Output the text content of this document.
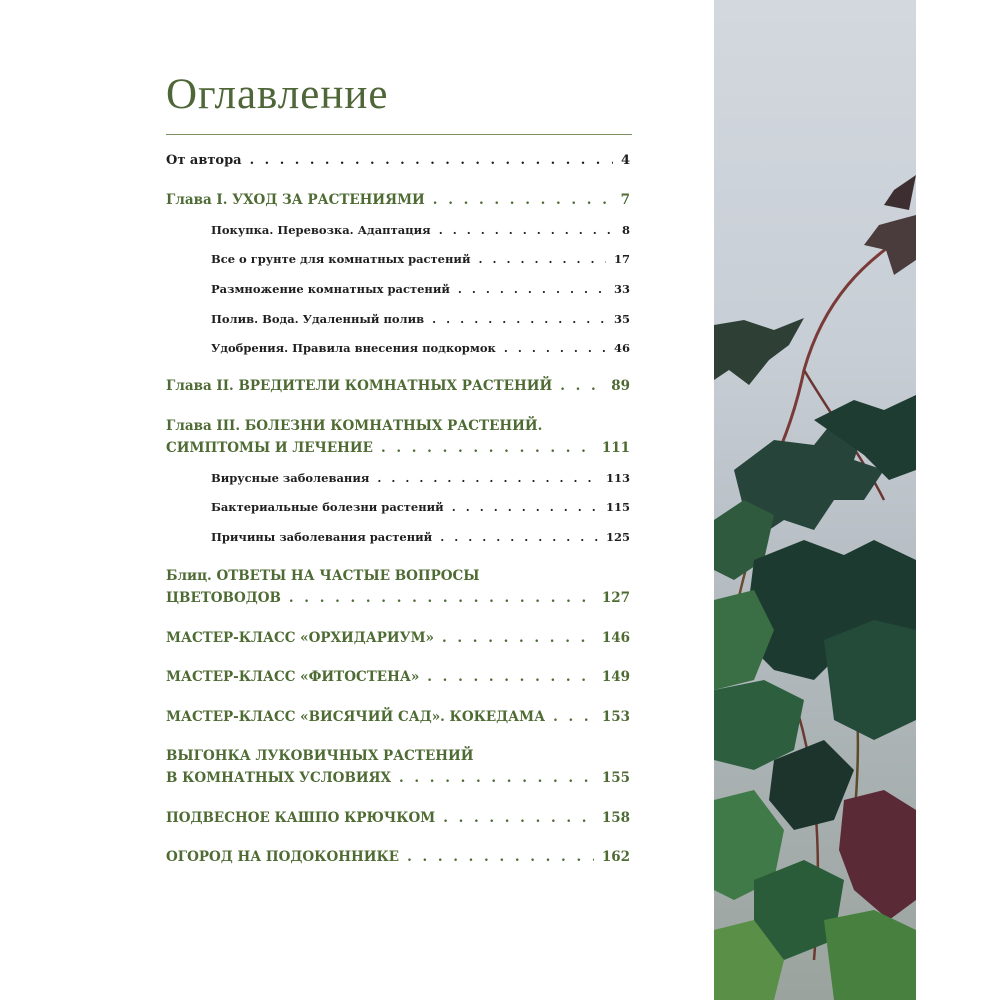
Оглавление
От автора . . .	4
Глава I. УХОД ЗА РАСТЕНИЯМИ . . .	7
Покупка. Перевозка. Адаптация . . .	8
Все о грунте для комнатных растений . . .	17
Размножение комнатных растений . . .	33
Полив. Вода. Удаленный полив . . .	35
Удобрения. Правила внесения подкормок . . .	46
Глава II. ВРЕДИТЕЛИ КОМНАТНЫХ РАСТЕНИЙ . . .	89
Глава III. БОЛЕЗНИ КОМНАТНЫХ РАСТЕНИЙ.
СИМПТОМЫ И ЛЕЧЕНИЕ . . .	111
Вирусные заболевания . . .	113
Бактериальные болезни растений . . .	115
Причины заболевания растений . . .	125
Блиц. ОТВЕТЫ НА ЧАСТЫЕ ВОПРОСЫ
ЦВЕТОВОДОВ . . .	127
МАСТЕР-КЛАСС «ОРХИДАРИУМ» . . .	146
МАСТЕР-КЛАСС «ФИТОСТЕНА» . . .	149
МАСТЕР-КЛАСС «ВИСЯЧИЙ САД». КОКЕДАМА . . .	153
ВЫГОНКА ЛУКОВИЧНЫХ РАСТЕНИЙ
В КОМНАТНЫХ УСЛОВИЯХ . . .	155
ПОДВЕСНОЕ КАШПО КРЮЧКОМ . . .	158
ОГОРОД НА ПОДОКОННИКЕ . . .	162
